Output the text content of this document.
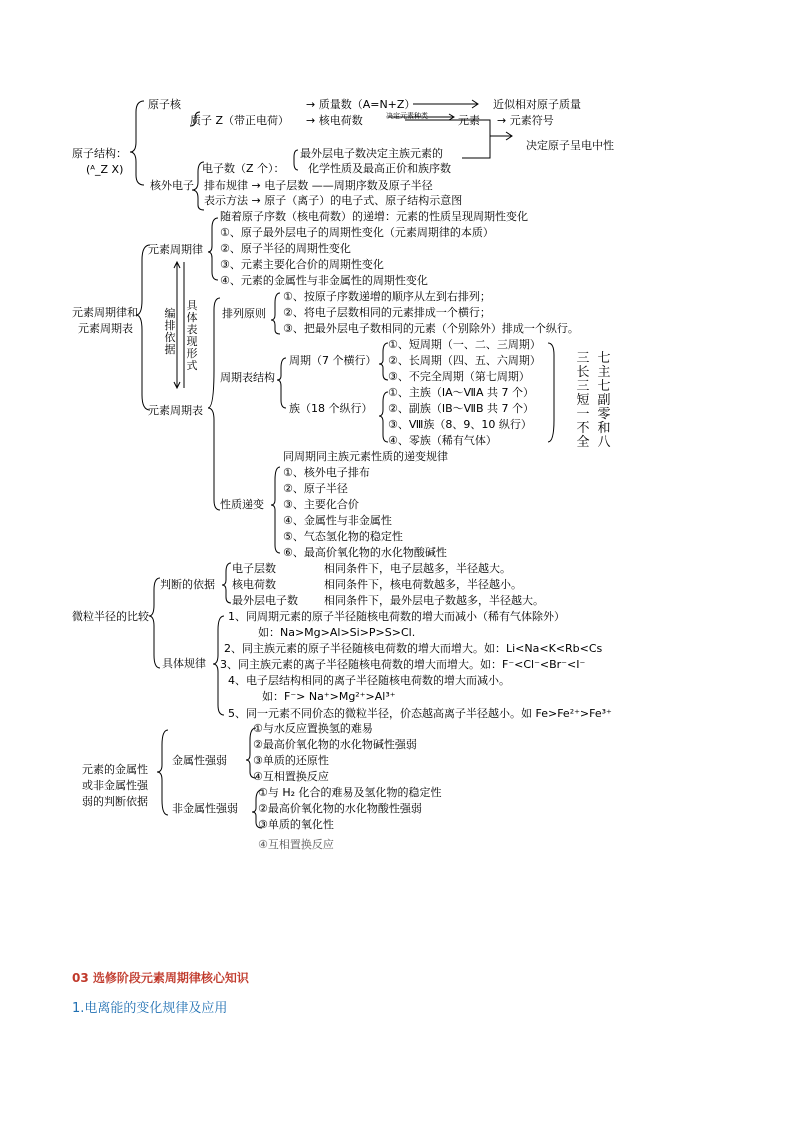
原子结构：
(ᴬ_Z X)
原子核
质子 Z（带正电荷）
→ 质量数（A=N+Z）	近似相对原子质量
→ 核电荷数	决定元素种类	元素 → 元素符号
决定原子呈电中性
核外电子
电子数（Z 个）：
最外层电子数决定主族元素的
化学性质及最高正价和族序数
排布规律 → 电子层数 ——周期序数及原子半径
表示方法 → 原子（离子）的电子式、原子结构示意图
元素周期律和
元素周期表
元素周期律
随着原子序数（核电荷数）的递增：元素的性质呈现周期性变化
①、原子最外层电子的周期性变化（元素周期律的本质）
②、原子半径的周期性变化
③、元素主要化合价的周期性变化
④、元素的金属性与非金属性的周期性变化
编排依据
具体表现形式
元素周期表
排列原则
①、按原子序数递增的顺序从左到右排列；
②、将电子层数相同的元素排成一个横行；
③、把最外层电子数相同的元素（个别除外）排成一个纵行。
周期表结构
周期（7 个横行）
①、短周期（一、二、三周期）
②、长周期（四、五、六周期）
③、不完全周期（第七周期）
族（18 个纵行）
①、主族（ⅠA～ⅦA 共 7 个）
②、副族（ⅠB～ⅦB 共 7 个）
③、Ⅷ族（8、9、10 纵行）
④、零族（稀有气体）
三长三短一不全
七主七副零和八
性质递变
同周期同主族元素性质的递变规律
①、核外电子排布
②、原子半径
③、主要化合价
④、金属性与非金属性
⑤、气态氢化物的稳定性
⑥、最高价氧化物的水化物酸碱性
微粒半径的比较
判断的依据
电子层数	相同条件下，电子层越多，半径越大。
核电荷数	相同条件下，核电荷数越多，半径越小。
最外层电子数 相同条件下，最外层电子数越多，半径越大。
具体规律
1、同周期元素的原子半径随核电荷数的增大而减小（稀有气体除外）
如：Na>Mg>Al>Si>P>S>Cl.
2、同主族元素的原子半径随核电荷数的增大而增大。如：Li<Na<K<Rb<Cs
3、同主族元素的离子半径随核电荷数的增大而增大。如：F⁻<Cl⁻<Br⁻<I⁻
4、电子层结构相同的离子半径随核电荷数的增大而减小。
如：F⁻> Na⁺>Mg²⁺>Al³⁺
5、同一元素不同价态的微粒半径，价态越高离子半径越小。如 Fe>Fe²⁺>Fe³⁺
元素的金属性
或非金属性强
弱的判断依据
金属性强弱
①与水反应置换氢的难易
②最高价氧化物的水化物碱性强弱
③单质的还原性
④互相置换反应
非金属性强弱
①与 H₂ 化合的难易及氢化物的稳定性
②最高价氧化物的水化物酸性强弱
③单质的氧化性
④互相置换反应
03 选修阶段元素周期律核心知识
1.电离能的变化规律及应用
